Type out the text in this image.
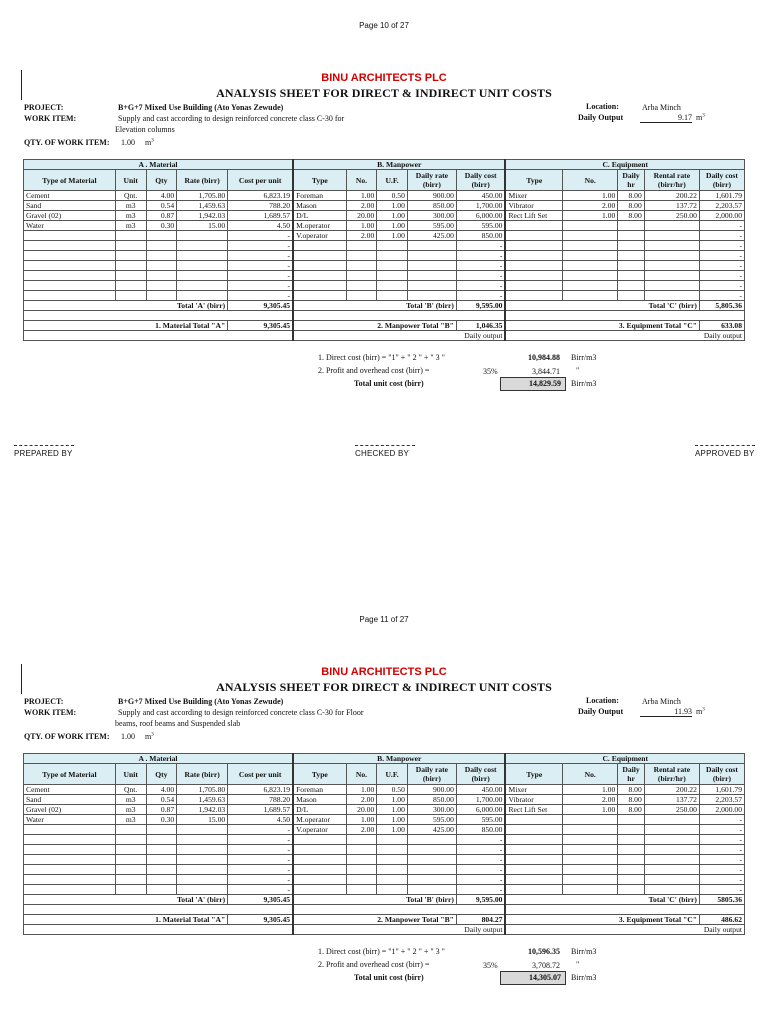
Page 10 of 27
BINU ARCHITECTS PLC
ANALYSIS SHEET FOR DIRECT & INDIRECT UNIT COSTS
PROJECT:	B+G+7 Mixed Use Building (Ato Yonas Zewude)
WORK ITEM:	Supply and cast according to design reinforced concrete class C-30 for
Elevation columns
QTY. OF WORK ITEM: 1.00 $m^3$
Location:	Arba Minch
Daily Output	9.17 $m^3$
A . Material					B. Manpower					C. Equipment				
Type of Material	Unit	Qty	Rate (birr)	Cost per unit	Type	No.	U.F.	Daily rate (birr)	Daily cost (birr)	Type	No.	Daily hr	Rental rate (birr/hr)	Daily cost (birr)
Cement	Qnt.	4.00	1,705.80	6,823.19	Foreman	1.00	0.50	900.00	450.00	Mixer	1.00	8.00	200.22	1,601.79
Sand	m3	0.54	1,459.63	788.20	Mason	2.00	1.00	850.00	1,700.00	Vibrator	2.00	8.00	137.72	2,203.57
Gravel (02)	m3	0.87	1,942.03	1,689.57	D/L	20.00	1.00	300.00	6,000.00	Rect Lift Set	1.00	8.00	250.00	2,000.00
Water	m3	0.30	15.00	4.50	M.operator	1.00	1.00	595.00	595.00					-
				-	V.operator	2.00	1.00	425.00	850.00					-
				-					-					-
				-					-					-
				-					-					-
				-					-					-
				-					-					-
				-					-					-
Total 'A' (birr)				9,305.45	Total 'B' (birr)				9,595.00	Total 'C' (birr)				5,805.36

1. Material Total "A"				9,305.45	2. Manpower Total "B"				1,046.35	3. Equipment Total "C"				633.08
					Daily output					Daily output				
1. Direct cost (birr) = "1" + " 2 " + " 3 "	10,984.88 Birr/m3
2. Profit and overhead cost (birr) =	35%	3,844.71 "
Total unit cost (birr)	14,829.59	Birr/m3
PREPARED BY	CHECKED BY	APPROVED BY
Page 11 of 27
BINU ARCHITECTS PLC
ANALYSIS SHEET FOR DIRECT & INDIRECT UNIT COSTS
PROJECT:	B+G+7 Mixed Use Building (Ato Yonas Zewude)
WORK ITEM:	Supply and cast according to design reinforced concrete class C-30 for Floor
beams, roof beams and Suspended slab
QTY. OF WORK ITEM: 1.00 $m^3$
Location:	Arba Minch
Daily Output	11.93 $m^3$
A . Material					B. Manpower					C. Equipment				
Type of Material	Unit	Qty	Rate (birr)	Cost per unit	Type	No.	U.F.	Daily rate (birr)	Daily cost (birr)	Type	No.	Daily hr	Rental rate (birr/hr)	Daily cost (birr)
Cement	Qnt.	4.00	1,705.80	6,823.19	Foreman	1.00	0.50	900.00	450.00	Mixer	1.00	8.00	200.22	1,601.79
Sand	m3	0.54	1,459.63	788.20	Mason	2.00	1.00	850.00	1,700.00	Vibrator	2.00	8.00	137.72	2,203.57
Gravel (02)	m3	0.87	1,942.03	1,689.57	D/L	20.00	1.00	300.00	6,000.00	Rect Lift Set	1.00	8.00	250.00	2,000.00
Water	m3	0.30	15.00	4.50	M.operator	1.00	1.00	595.00	595.00					-
				-	V.operator	2.00	1.00	425.00	850.00					-
				-					-					-
				-					-					-
				-					-					-
				-					-					-
				-					-					-
				-					-					-
Total 'A' (birr)				9,305.45	Total 'B' (birr)				9,595.00	Total 'C' (birr)				5805.36

1. Material Total "A"				9,305.45	2. Manpower Total "B"				804.27	3. Equipment Total "C"				486.62
					Daily output					Daily output				
1. Direct cost (birr) = "1" + " 2 " + " 3 "	10,596.35 Birr/m3
2. Profit and overhead cost (birr) =	35%	3,708.72 "
Total unit cost (birr)	14,305.07	Birr/m3
